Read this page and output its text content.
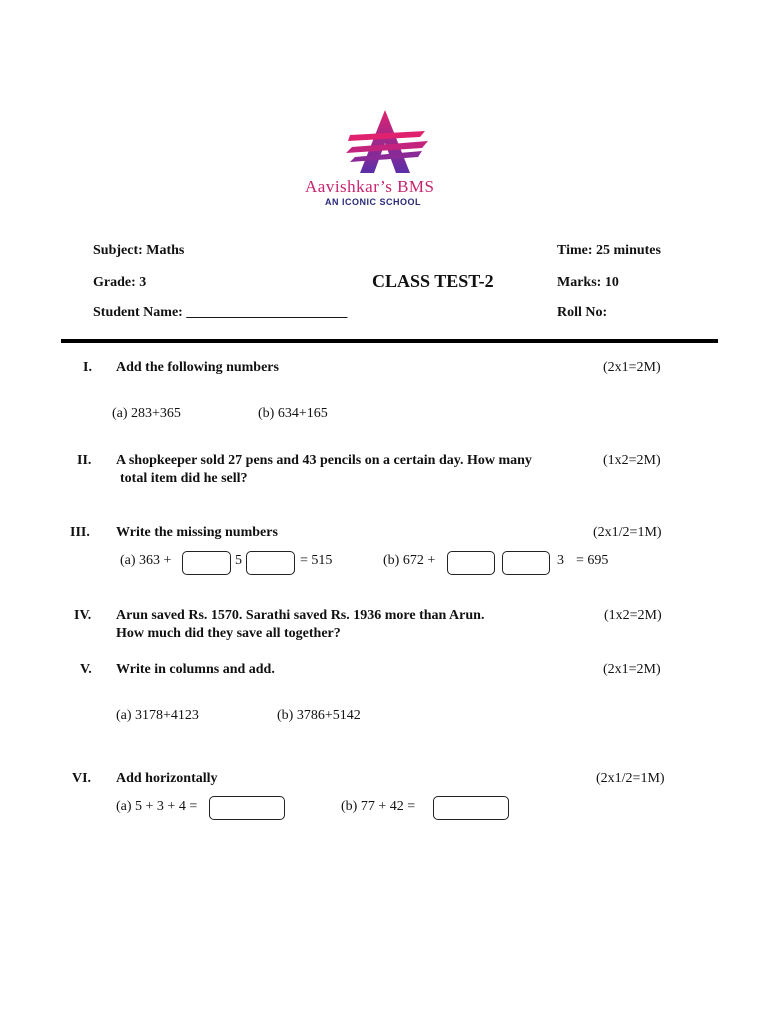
Aavishkar’s BMS
AN ICONIC SCHOOL
Subject: Maths	Time: 25 minutes
Grade: 3	CLASS TEST-2	Marks: 10
Student Name: _______________________	Roll No:
I. Add the following numbers	(2x1=2M)
(a) 283+365	(b) 634+165
II. A shopkeeper sold 27 pens and 43 pencils on a certain day. How many
total item did he sell?
(1x2=2M)
III. Write the missing numbers	(2x1/2=1M)
(a) 363 +	5	= 515	(b) 672 +	3 = 695
IV. Arun saved Rs. 1570. Sarathi saved Rs. 1936 more than Arun.
How much did they save all together?
(1x2=2M)
V. Write in columns and add.	(2x1=2M)
(a) 3178+4123	(b) 3786+5142
VI. Add horizontally	(2x1/2=1M)
(a) 5 + 3 + 4 =	(b) 77 + 42 =
